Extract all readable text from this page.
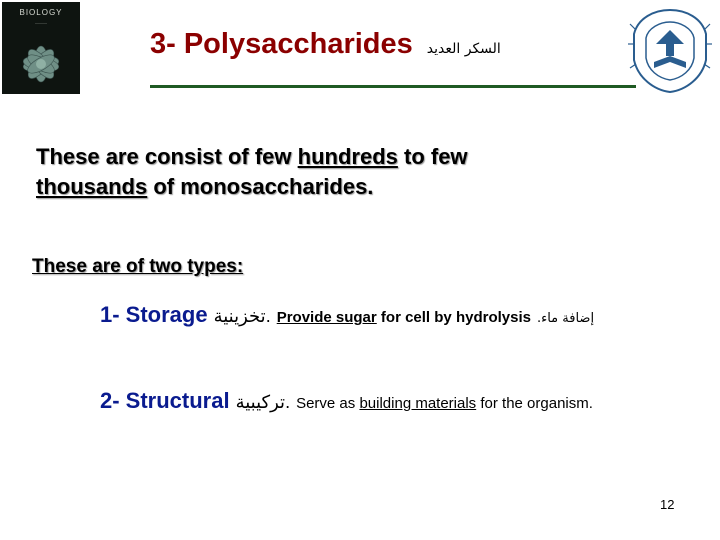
BIOLOGY
———
3- Polysaccharides السكر العديد
These are consist of few hundreds to few
thousands of monosaccharides.
These are of two types:
1- Storage تخزينية. Provide sugar for cell by hydrolysis إضافة ماء.
2- Structural تركيبية. Serve as building materials for the organism.
12
